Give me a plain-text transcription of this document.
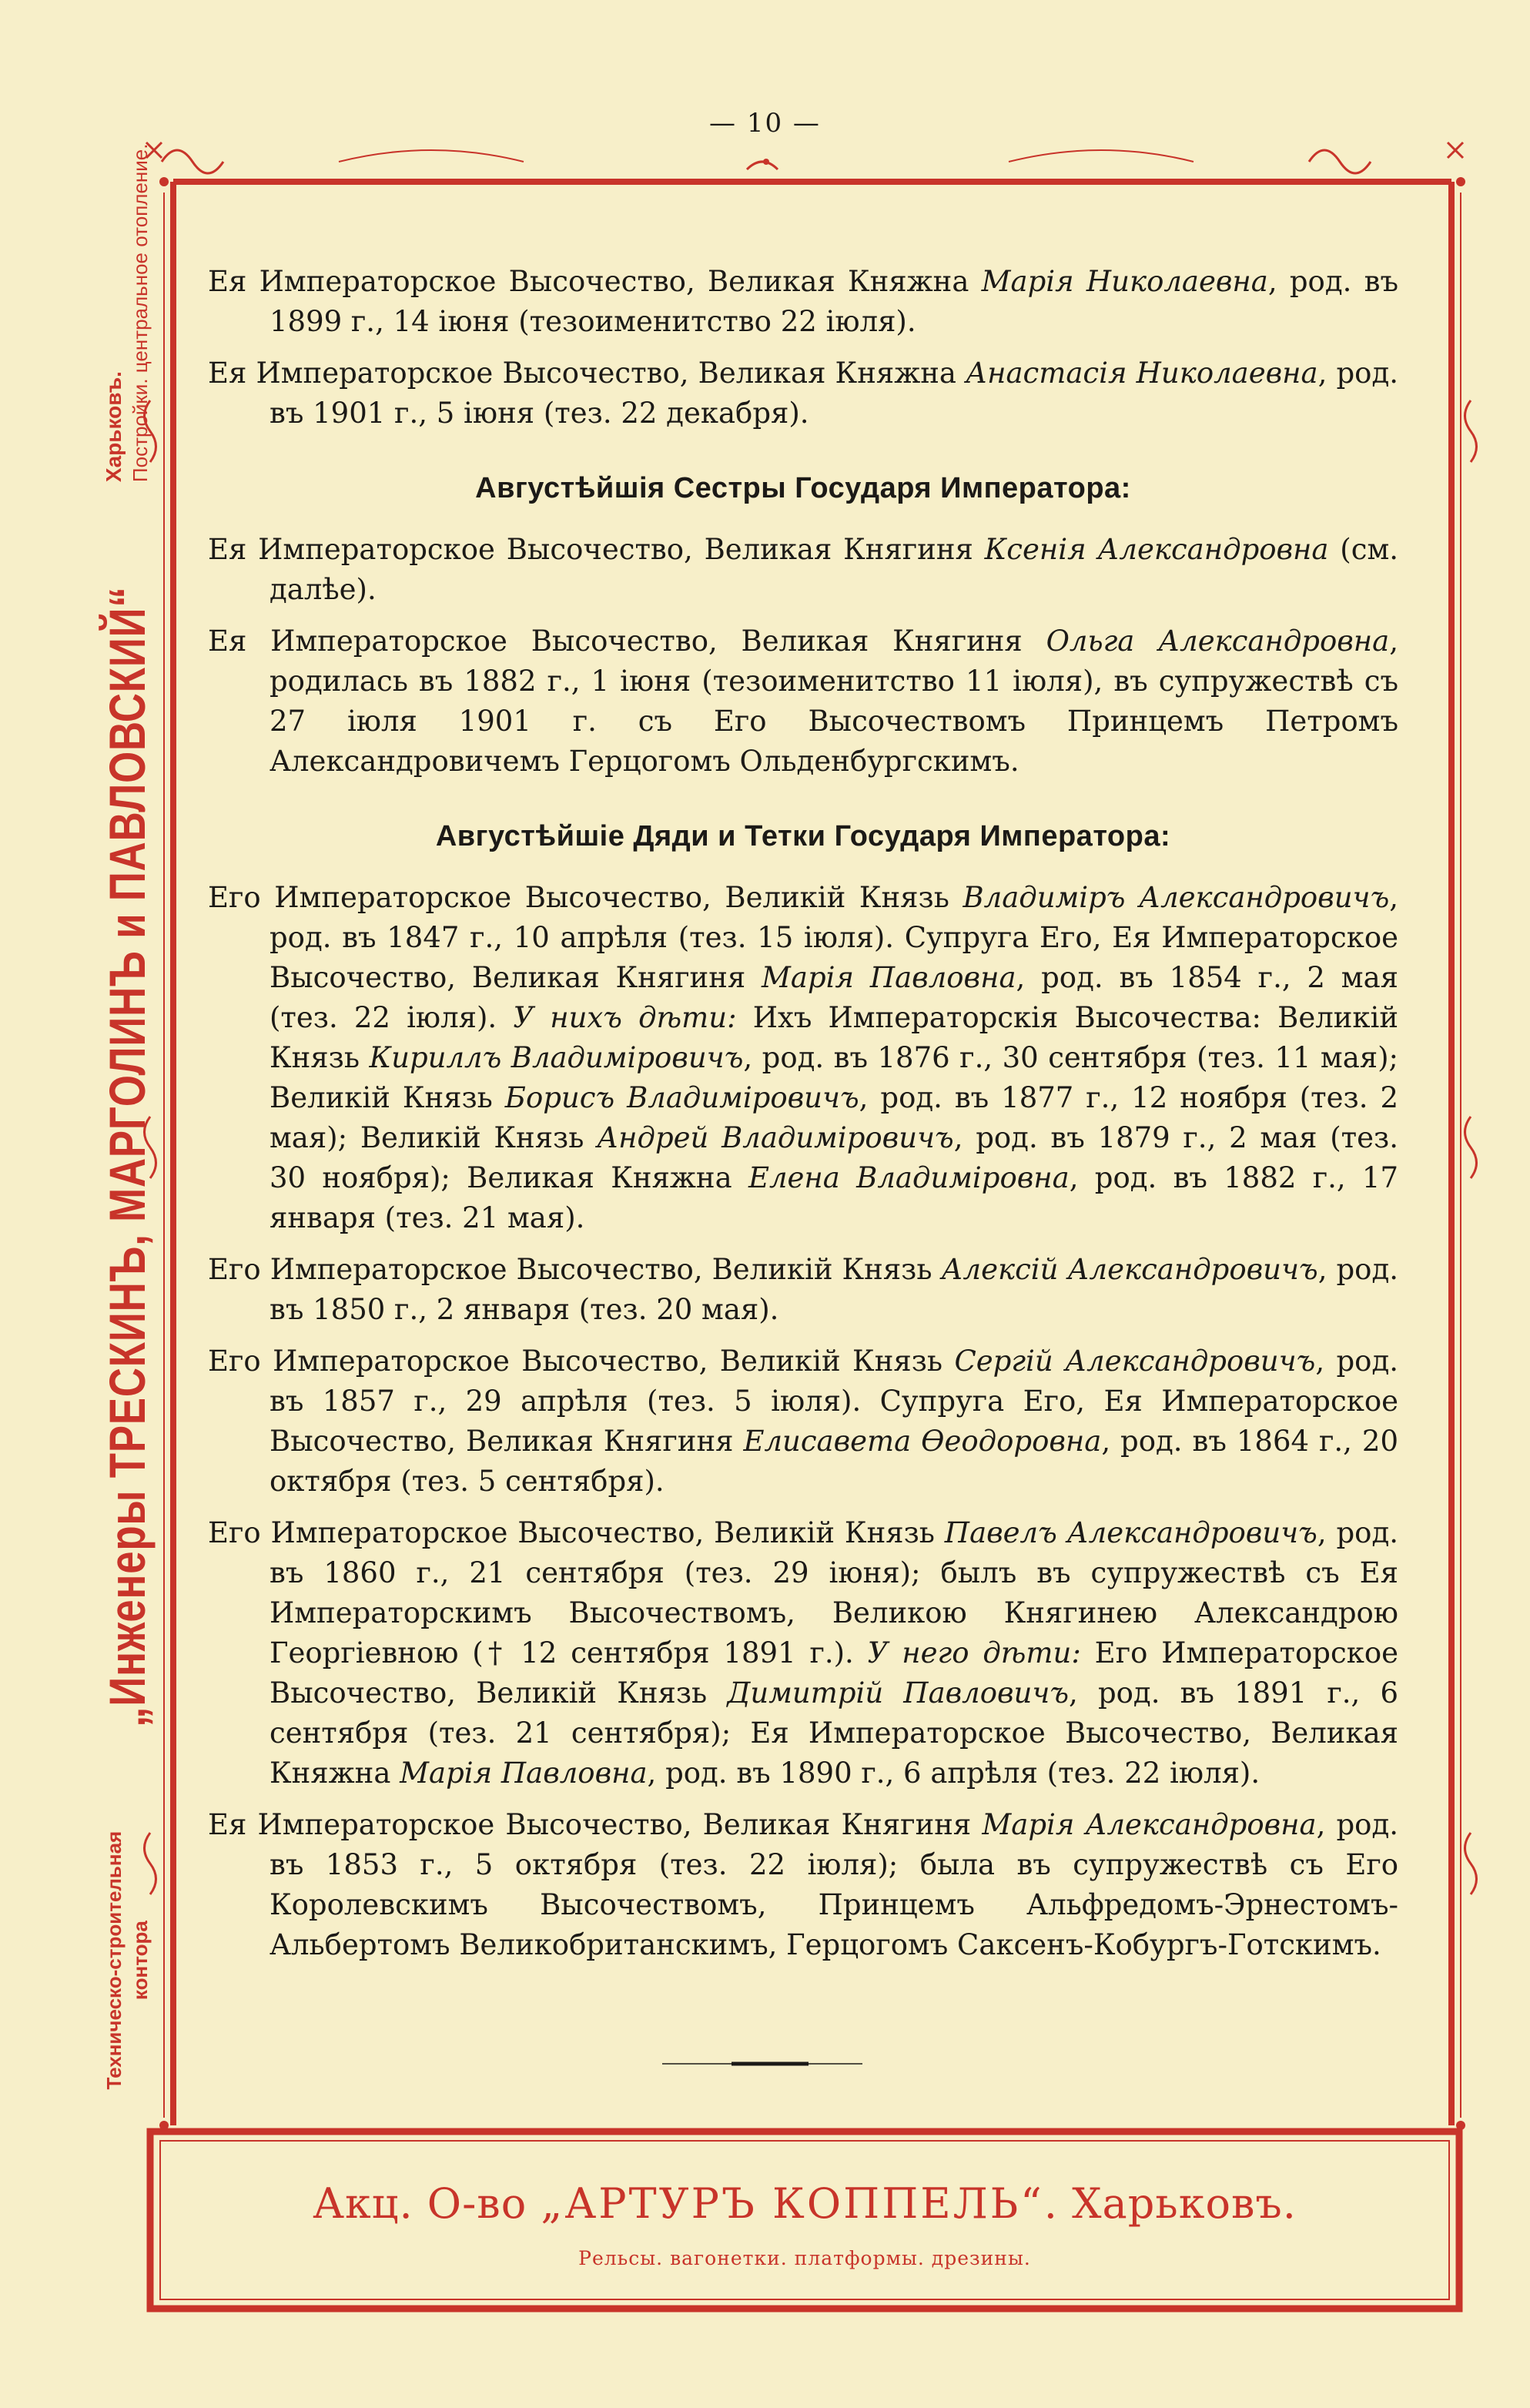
— 10 —
Техническо-строительная контора
„Инженеры ТРЕСКИНЪ, МАРГОЛИНЪ и ПАВЛОВСКИЙ“
Харьковъ. Постройки. центральное отопление. Ея Императорское Высочество, Великая Княжна Марія Николаевна, род. въ 1899 г., 14 іюня (тезоименитство 22 іюля).

Ея Императорское Высочество, Великая Княжна Анастасія Николаевна, род. въ 1901 г., 5 іюня (тез. 22 декабря).

Августѣйшія Сестры Государя Императора:

Ея Императорское Высочество, Великая Княгиня Ксенія Александровна (см. далѣе).

Ея Императорское Высочество, Великая Княгиня Ольга Александровна, родилась въ 1882 г., 1 іюня (тезоименитство 11 іюля), въ супружествѣ съ 27 іюля 1901 г. съ Его Высочествомъ Принцемъ Петромъ Александровичемъ Герцогомъ Ольденбургскимъ.

Августѣйшіе Дяди и Тетки Государя Императора:

Его Императорское Высочество, Великій Князь Владиміръ Александровичъ, род. въ 1847 г., 10 апрѣля (тез. 15 іюля). Супруга Его, Ея Императорское Высочество, Великая Княгиня Марія Павловна, род. въ 1854 г., 2 мая (тез. 22 іюля). У нихъ дѣти: Ихъ Императорскія Высочества: Великій Князь Кириллъ Владиміровичъ, род. въ 1876 г., 30 сентября (тез. 11 мая); Великій Князь Борисъ Владиміровичъ, род. въ 1877 г., 12 ноября (тез. 2 мая); Великій Князь Андрей Владиміровичъ, род. въ 1879 г., 2 мая (тез. 30 ноября); Великая Княжна Елена Владиміровна, род. въ 1882 г., 17 января (тез. 21 мая).

Его Императорское Высочество, Великій Князь Алексій Александровичъ, род. въ 1850 г., 2 января (тез. 20 мая).

Его Императорское Высочество, Великій Князь Сергій Александровичъ, род. въ 1857 г., 29 апрѣля (тез. 5 іюля). Супруга Его, Ея Императорское Высочество, Великая Княгиня Елисавета Ѳеодоровна, род. въ 1864 г., 20 октября (тез. 5 сентября).

Его Императорское Высочество, Великій Князь Павелъ Александровичъ, род. въ 1860 г., 21 сентября (тез. 29 іюня); былъ въ супружествѣ съ Ея Императорскимъ Высочествомъ, Великою Княгинею Александрою Георгіевною († 12 сентября 1891 г.). У него дѣти: Его Императорское Высочество, Великій Князь Димитрій Павловичъ, род. въ 1891 г., 6 сентября (тез. 21 сентября); Ея Императорское Высочество, Великая Княжна Марія Павловна, род. въ 1890 г., 6 апрѣля (тез. 22 іюля).

Ея Императорское Высочество, Великая Княгиня Марія Александровна, род. въ 1853 г., 5 октября (тез. 22 іюля); была въ супружествѣ съ Его Королевскимъ Высочествомъ, Принцемъ Альфредомъ-Эрнестомъ-Альбертомъ Великобританскимъ, Герцогомъ Саксенъ-Кобургъ-Готскимъ.

Акц. О-во „АРТУРЪ КОППЕЛЬ“. Харьковъ.
Рельсы. вагонетки. платформы. дрезины.
